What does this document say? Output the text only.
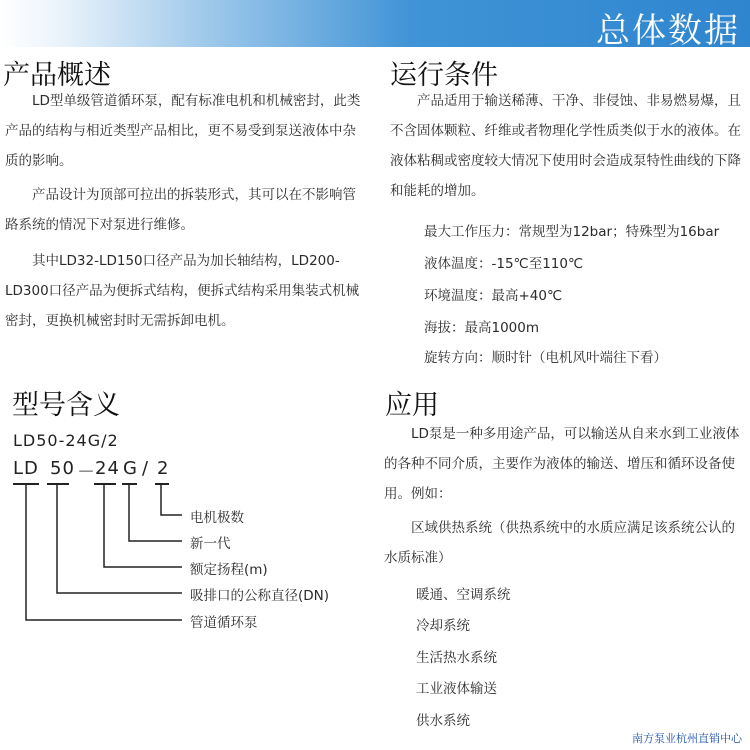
总体数据
产品概述
LD型单级管道循环泵，配有标准电机和机械密封，此类产品的结构与相近类型产品相比，更不易受到泵送液体中杂质的影响。
产品设计为顶部可拉出的拆装形式，其可以在不影响管路系统的情况下对泵进行维修。
其中LD32-LD150口径产品为加长轴结构，LD200-LD300口径产品为便拆式结构，便拆式结构采用集装式机械密封，更换机械密封时无需拆卸电机。
运行条件
产品适用于输送稀薄、干净、非侵蚀、非易燃易爆，且不含固体颗粒、纤维或者物理化学性质类似于水的液体。在液体粘稠或密度较大情况下使用时会造成泵特性曲线的下降和能耗的增加。
最大工作压力：常规型为12bar；特殊型为16bar
液体温度：-15℃至110℃
环境温度：最高+40℃
海拔：最高1000m
旋转方向：顺时针（电机风叶端往下看）
型号含义
LD50-24G/2
LD 50 － 24 G / 2
电机极数
新一代
额定扬程(m)
吸排口的公称直径(DN)
管道循环泵
应用
LD泵是一种多用途产品，可以输送从自来水到工业液体的各种不同介质，主要作为液体的输送、增压和循环设备使用。例如：
区域供热系统（供热系统中的水质应满足该系统公认的水质标准）
暖通、空调系统
冷却系统
生活热水系统
工业液体输送
供水系统
南方泵业杭州直销中心
